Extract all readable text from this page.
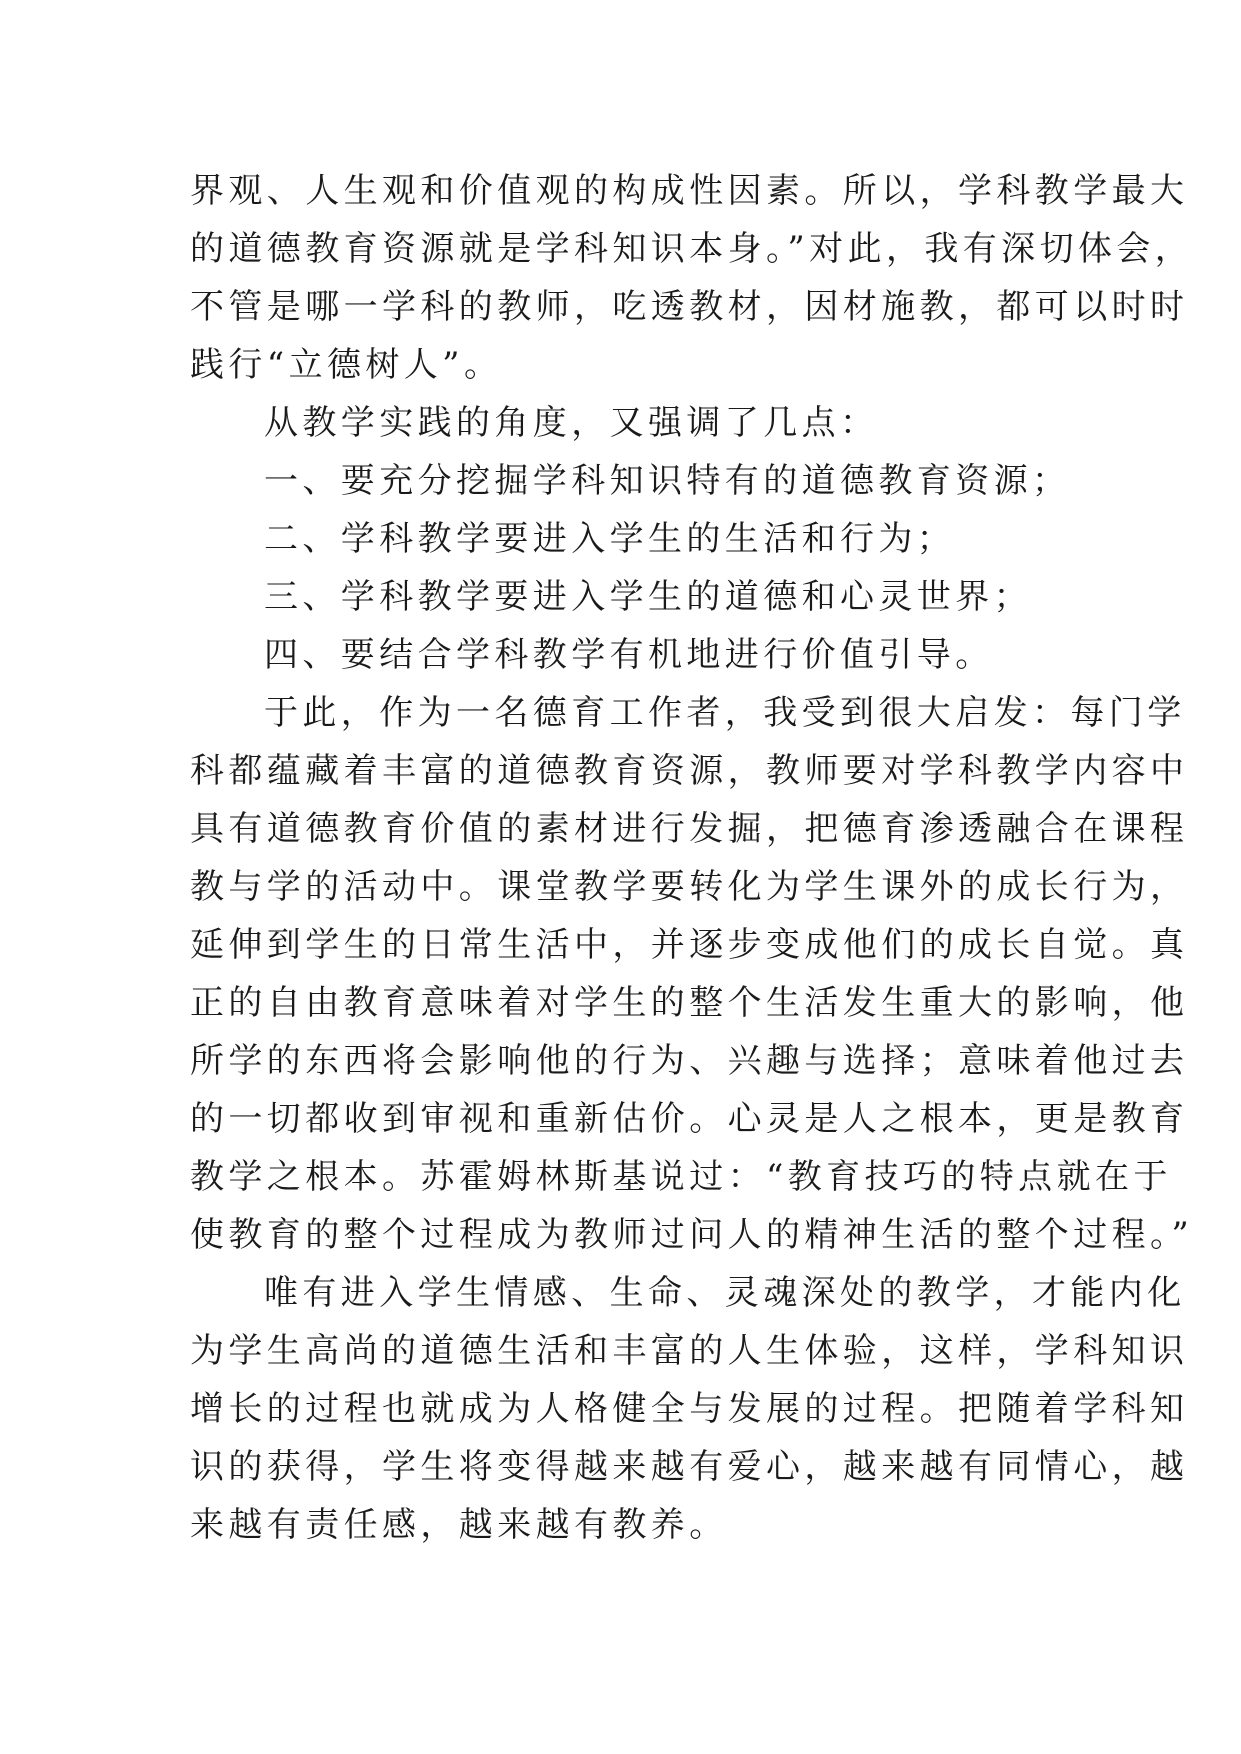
界观、人生观和价值观的构成性因素。所以，学科教学最大
的道德教育资源就是学科知识本身。”对此，我有深切体会，
不管是哪一学科的教师，吃透教材，因材施教，都可以时时
践行“立德树人”。
从教学实践的角度，又强调了几点：
一、要充分挖掘学科知识特有的道德教育资源；
二、学科教学要进入学生的生活和行为；
三、学科教学要进入学生的道德和心灵世界；
四、要结合学科教学有机地进行价值引导。
于此，作为一名德育工作者，我受到很大启发：每门学
科都蕴藏着丰富的道德教育资源，教师要对学科教学内容中
具有道德教育价值的素材进行发掘，把德育渗透融合在课程
教与学的活动中。课堂教学要转化为学生课外的成长行为，
延伸到学生的日常生活中，并逐步变成他们的成长自觉。真
正的自由教育意味着对学生的整个生活发生重大的影响，他
所学的东西将会影响他的行为、兴趣与选择；意味着他过去
的一切都收到审视和重新估价。心灵是人之根本，更是教育
教学之根本。苏霍姆林斯基说过：“教育技巧的特点就在于
使教育的整个过程成为教师过问人的精神生活的整个过程。”
唯有进入学生情感、生命、灵魂深处的教学，才能内化
为学生高尚的道德生活和丰富的人生体验，这样，学科知识
增长的过程也就成为人格健全与发展的过程。把随着学科知
识的获得，学生将变得越来越有爱心，越来越有同情心，越
来越有责任感，越来越有教养。
